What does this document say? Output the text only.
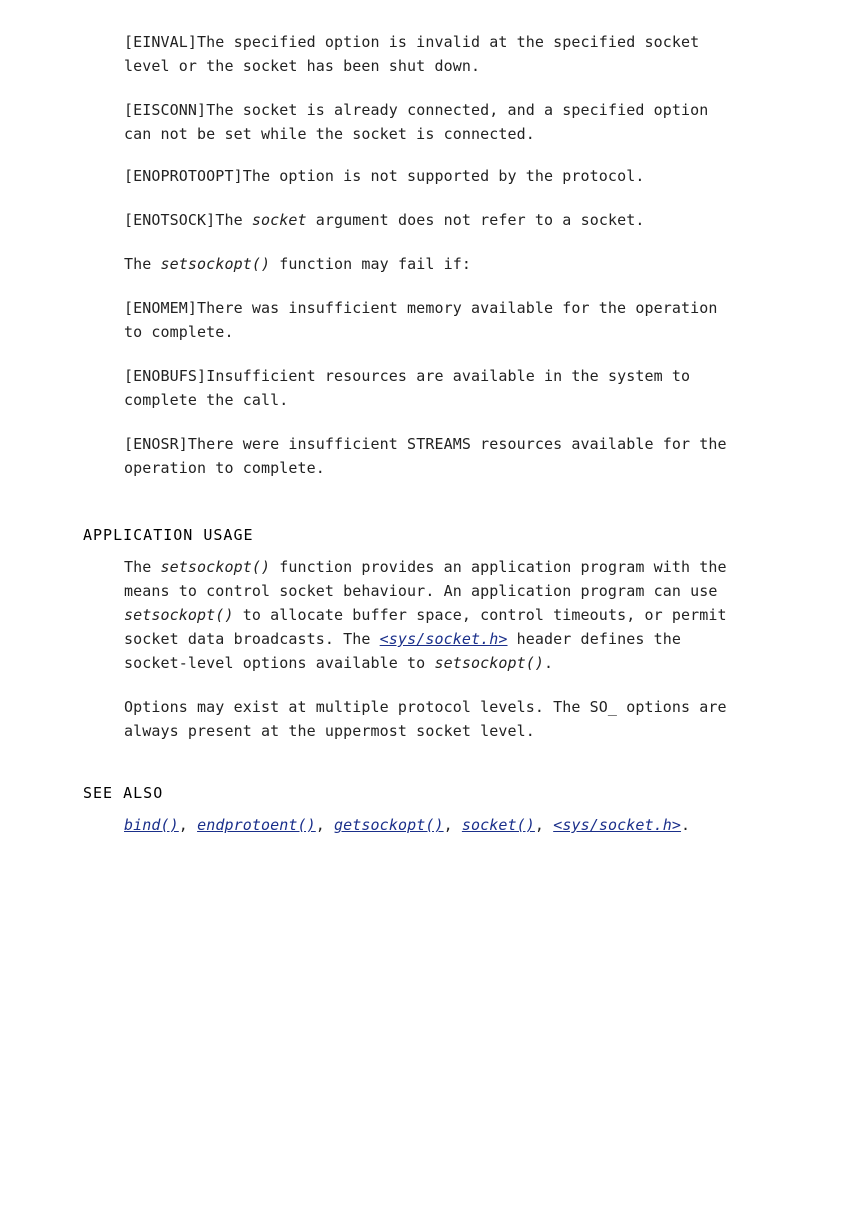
[EINVAL]The specified option is invalid at the specified socket level or the socket has been shut down.

[EISCONN]The socket is already connected, and a specified option can not be set while the socket is connected.

[ENOPROTOOPT]The option is not supported by the protocol.

[ENOTSOCK]The socket argument does not refer to a socket.

The setsockopt() function may fail if:

[ENOMEM]There was insufficient memory available for the operation to complete.

[ENOBUFS]Insufficient resources are available in the system to complete the call.

[ENOSR]There were insufficient STREAMS resources available for the operation to complete.

APPLICATION USAGE

The setsockopt() function provides an application program with the means to control socket behaviour. An application program can use setsockopt() to allocate buffer space, control timeouts, or permit socket data broadcasts. The <sys/socket.h> header defines the socket-level options available to setsockopt().

Options may exist at multiple protocol levels. The SO_ options are always present at the uppermost socket level.

SEE ALSO

bind(), endprotoent(), getsockopt(), socket(), <sys/socket.h>.
